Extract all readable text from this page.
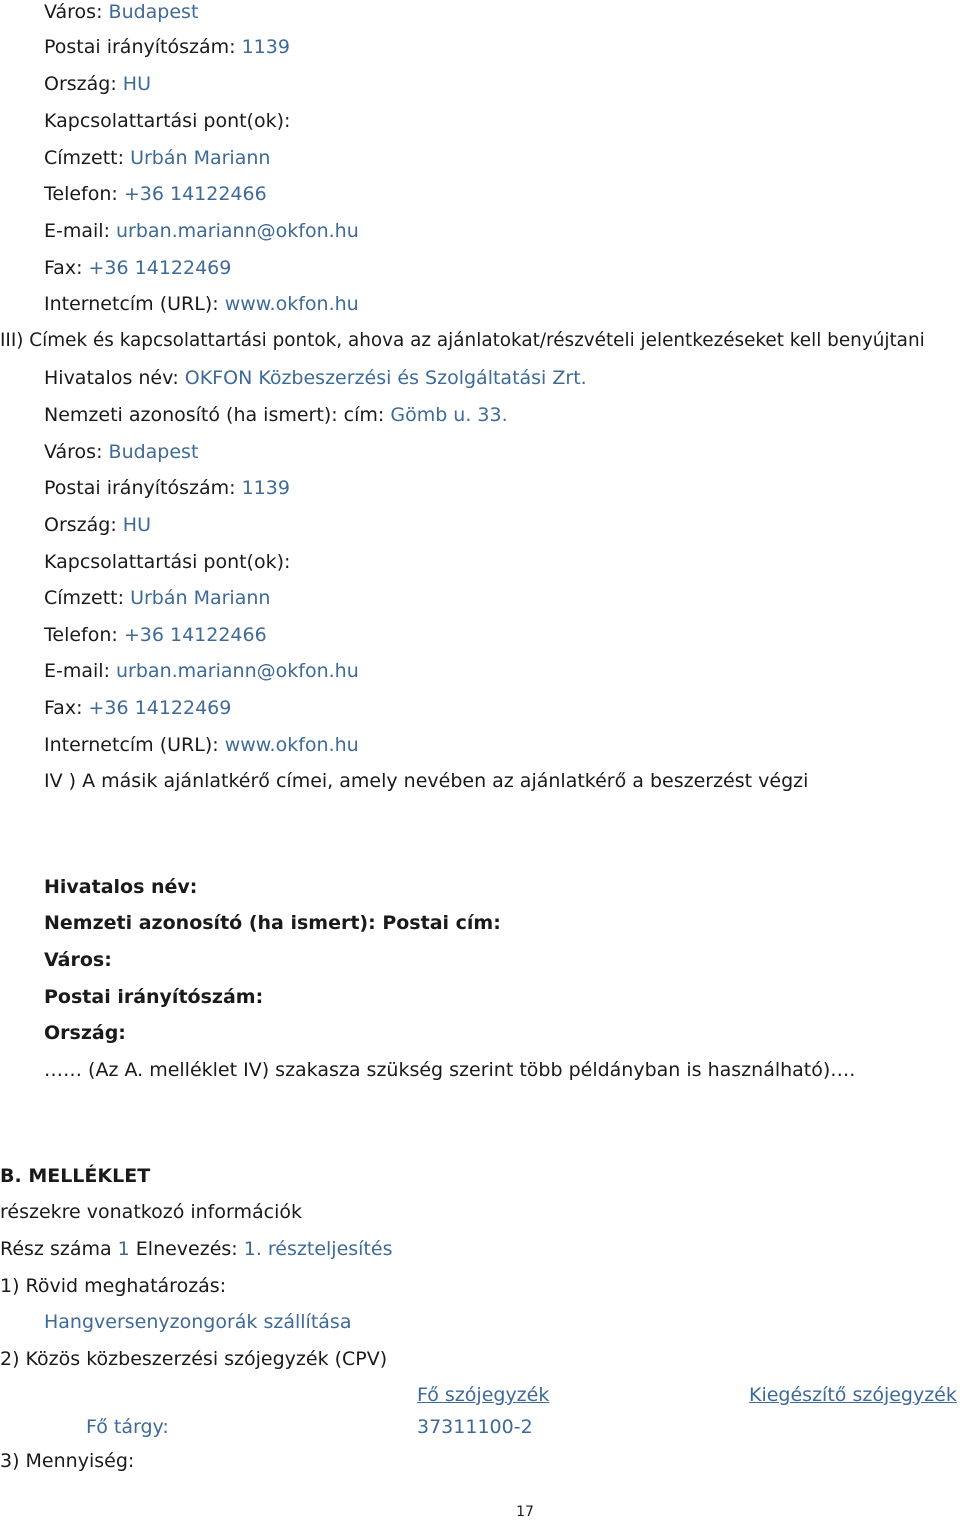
Város: Budapest
Postai irányítószám: 1139
Ország: HU
Kapcsolattartási pont(ok):
Címzett: Urbán Mariann
Telefon: +36 14122466
E-mail: urban.mariann@okfon.hu
Fax: +36 14122469
Internetcím (URL): www.okfon.hu
III) Címek és kapcsolattartási pontok, ahova az ajánlatokat/részvételi jelentkezéseket kell benyújtani
Hivatalos név: OKFON Közbeszerzési és Szolgáltatási Zrt.
Nemzeti azonosító (ha ismert): cím: Gömb u. 33.
Város: Budapest
Postai irányítószám: 1139
Ország: HU
Kapcsolattartási pont(ok):
Címzett: Urbán Mariann
Telefon: +36 14122466
E-mail: urban.mariann@okfon.hu
Fax: +36 14122469
Internetcím (URL): www.okfon.hu
IV ) A másik ajánlatkérő címei, amely nevében az ajánlatkérő a beszerzést végzi
Hivatalos név:
Nemzeti azonosító (ha ismert): Postai cím:
Város:
Postai irányítószám:
Ország:
…… (Az A. melléklet IV) szakasza szükség szerint több példányban is használható)….
B. MELLÉKLET
részekre vonatkozó információk
Rész száma 1 Elnevezés: 1. részteljesítés
1) Rövid meghatározás:
Hangversenyzongorák szállítása
2) Közös közbeszerzési szójegyzék (CPV)
Fő szójegyzék	Kiegészítő szójegyzék
Fő tárgy:	37311100-2
3) Mennyiség:
17
